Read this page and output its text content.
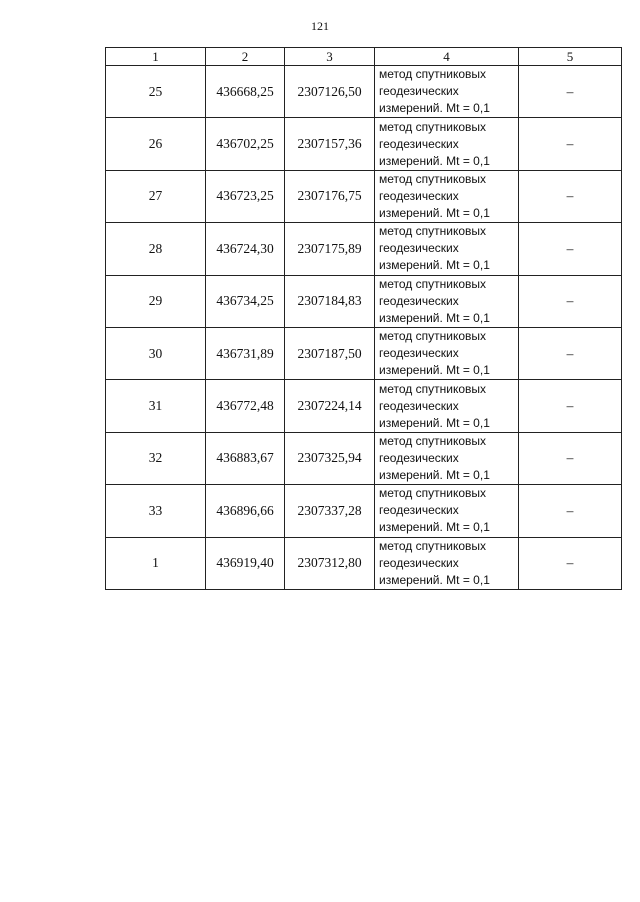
121
1	2	3	4	5
25	436668,25	2307126,50	метод спутниковых
геодезических
измерений. Mt = 0,1	–
26	436702,25	2307157,36	метод спутниковых
геодезических
измерений. Mt = 0,1	–
27	436723,25	2307176,75	метод спутниковых
геодезических
измерений. Mt = 0,1	–
28	436724,30	2307175,89	метод спутниковых
геодезических
измерений. Mt = 0,1	–
29	436734,25	2307184,83	метод спутниковых
геодезических
измерений. Mt = 0,1	–
30	436731,89	2307187,50	метод спутниковых
геодезических
измерений. Mt = 0,1	–
31	436772,48	2307224,14	метод спутниковых
геодезических
измерений. Mt = 0,1	–
32	436883,67	2307325,94	метод спутниковых
геодезических
измерений. Mt = 0,1	–
33	436896,66	2307337,28	метод спутниковых
геодезических
измерений. Mt = 0,1	–
1	436919,40	2307312,80	метод спутниковых
геодезических
измерений. Mt = 0,1	–
